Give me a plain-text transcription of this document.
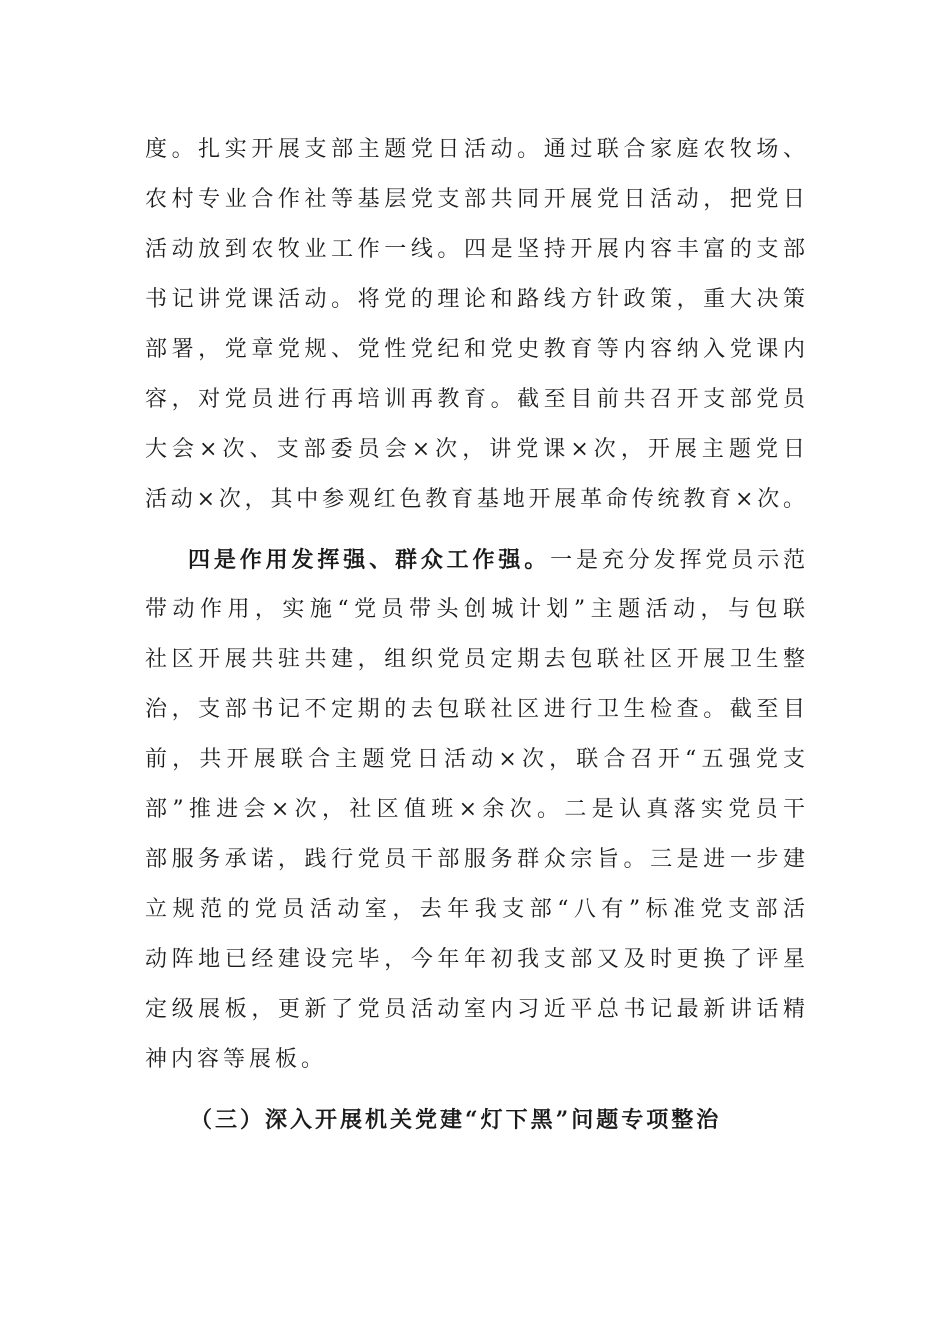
度。扎实开展支部主题党日活动。通过联合家庭农牧场、
农村专业合作社等基层党支部共同开展党日活动，把党日
活动放到农牧业工作一线。四是坚持开展内容丰富的支部
书记讲党课活动。将党的理论和路线方针政策，重大决策
部署，党章党规、党性党纪和党史教育等内容纳入党课内
容，对党员进行再培训再教育。截至目前共召开支部党员
大会×次、支部委员会×次，讲党课×次，开展主题党日
活动×次，其中参观红色教育基地开展革命传统教育×次。
四是作用发挥强、群众工作强。一是充分发挥党员示范
带动作用，实施“党员带头创城计划”主题活动，与包联
社区开展共驻共建，组织党员定期去包联社区开展卫生整
治，支部书记不定期的去包联社区进行卫生检查。截至目
前，共开展联合主题党日活动×次，联合召开“五强党支
部”推进会×次，社区值班×余次。二是认真落实党员干
部服务承诺，践行党员干部服务群众宗旨。三是进一步建
立规范的党员活动室，去年我支部“八有”标准党支部活
动阵地已经建设完毕，今年年初我支部又及时更换了评星
定级展板，更新了党员活动室内习近平总书记最新讲话精
神内容等展板。
（三）深入开展机关党建“灯下黑”问题专项整治
